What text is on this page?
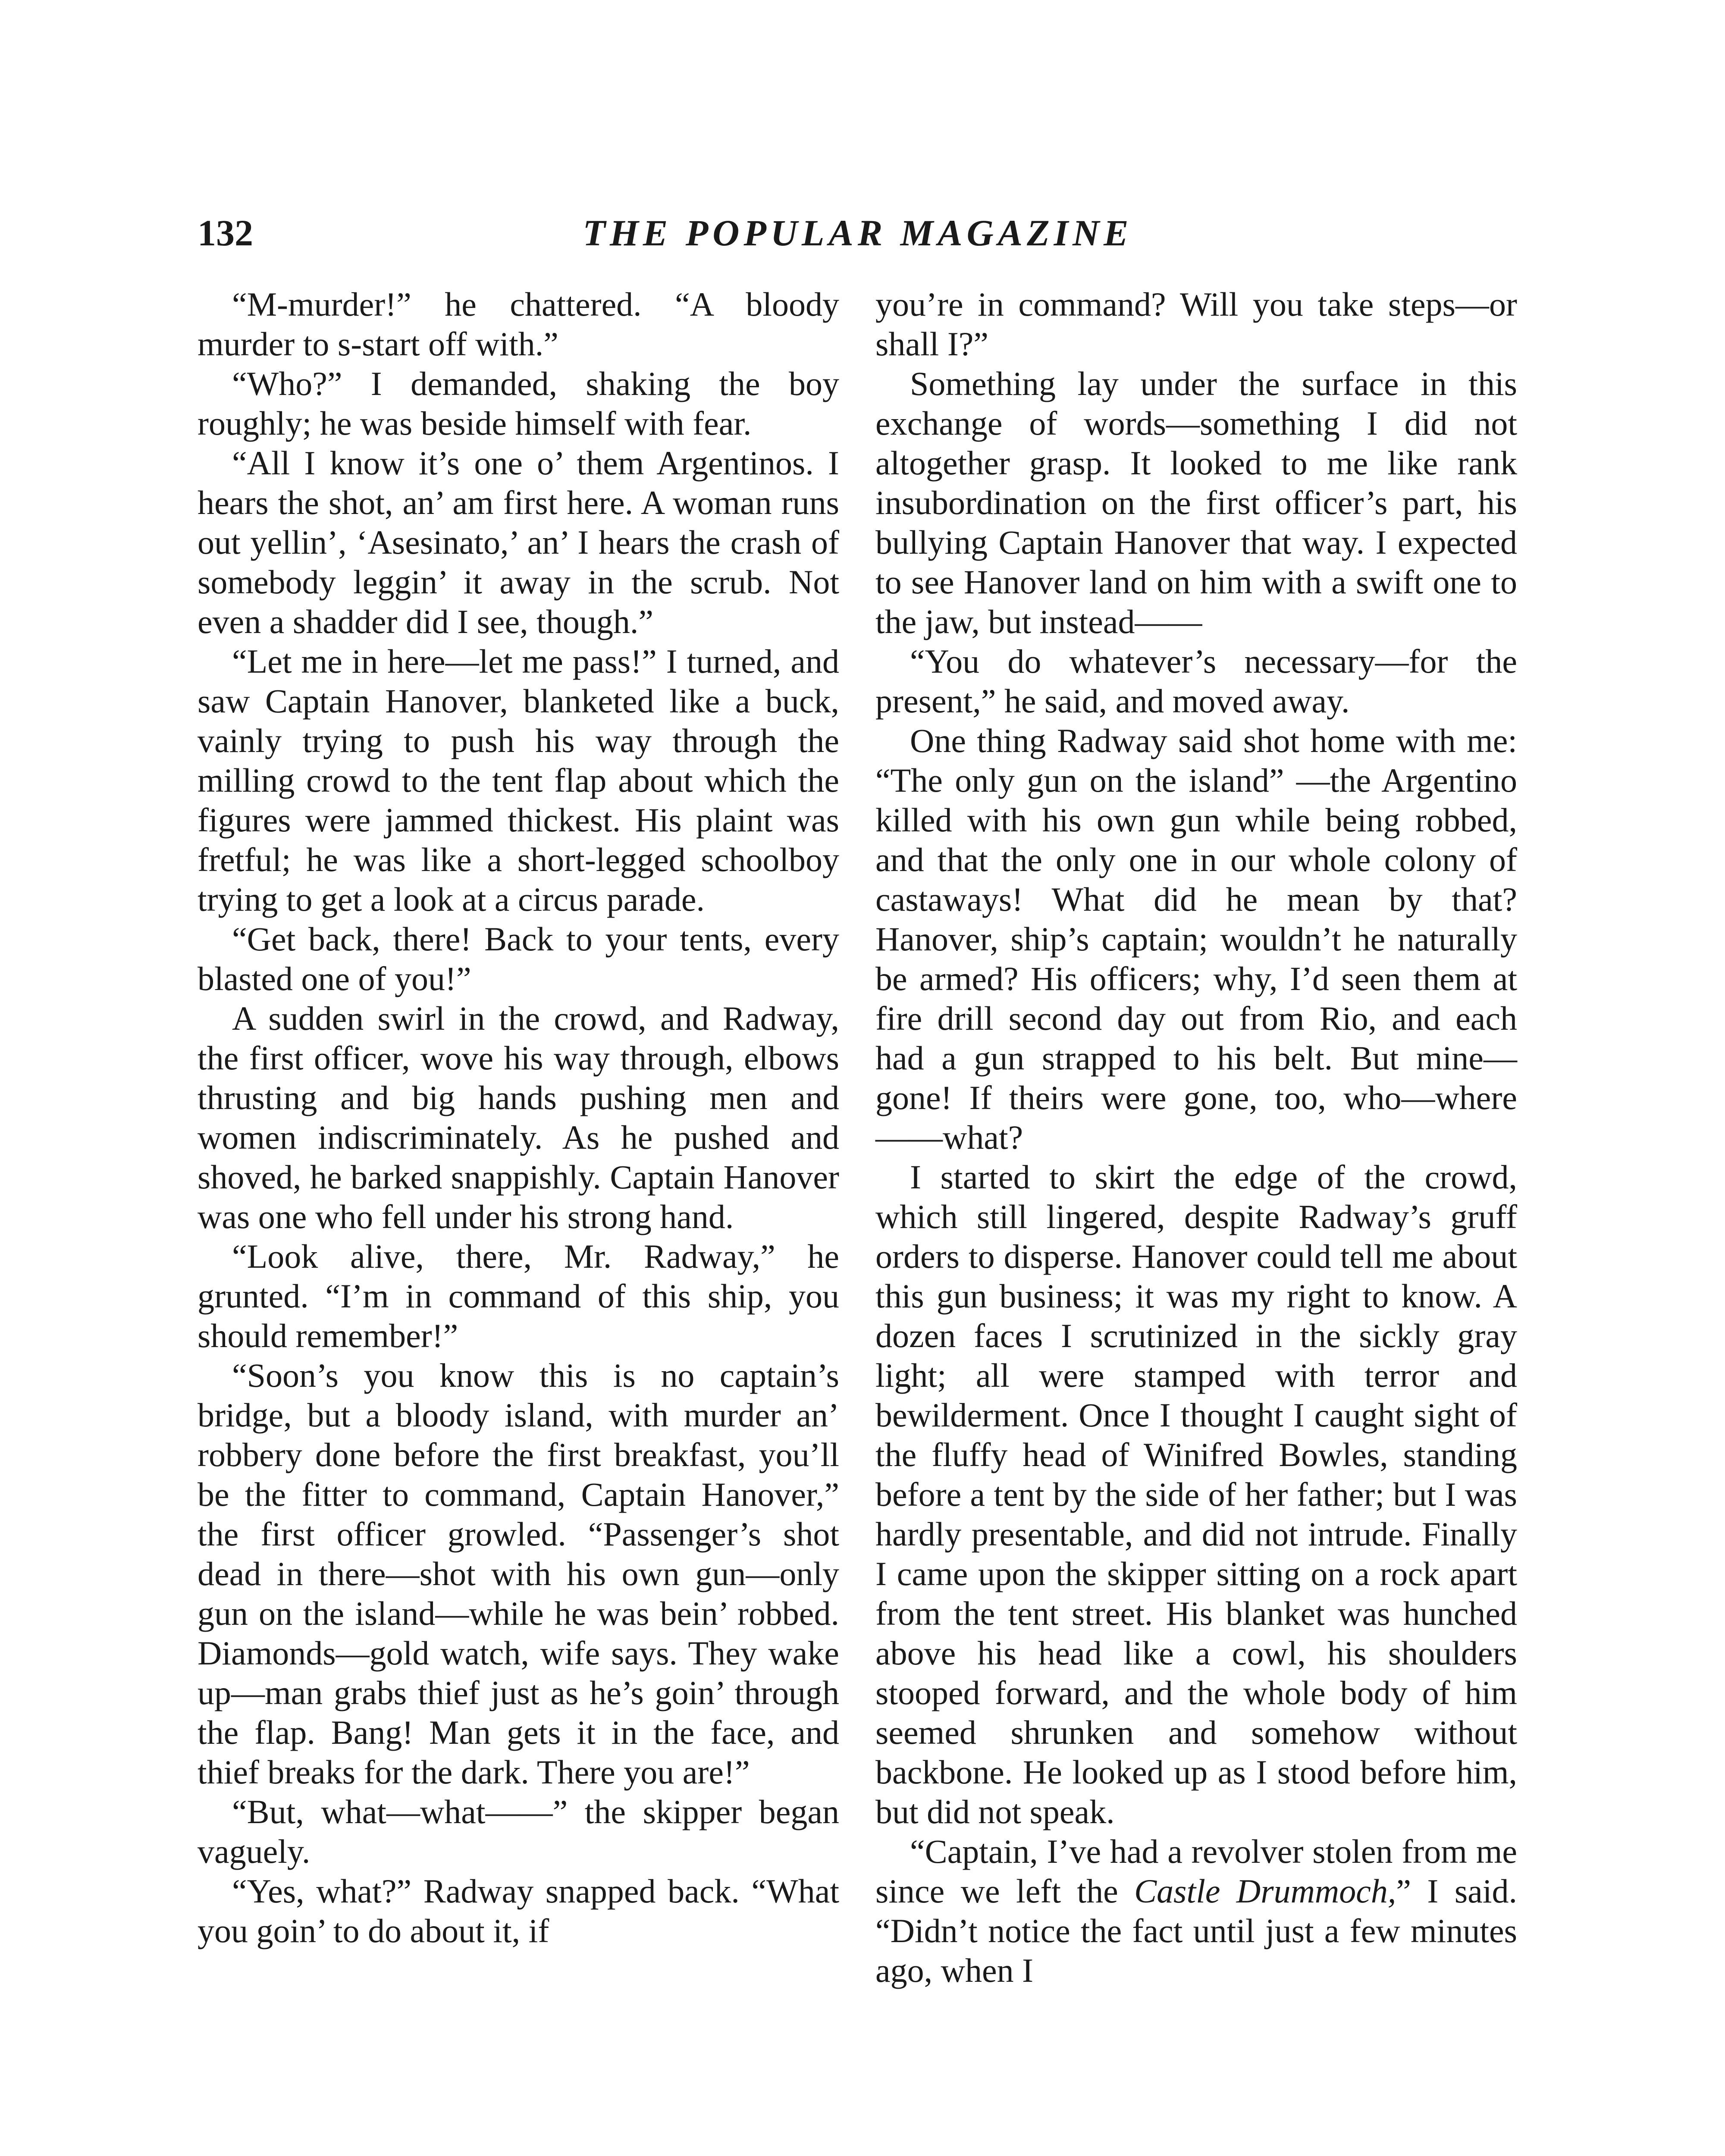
132	THE POPULAR MAGAZINE

“M-murder!” he chattered. “A bloody murder to s-start off with.”

“Who?” I demanded, shaking the boy roughly; he was beside himself with fear.

“All I know it’s one o’ them Argentinos. I hears the shot, an’ am first here. A woman runs out yellin’, ‘Asesinato,’ an’ I hears the crash of somebody leggin’ it away in the scrub. Not even a shadder did I see, though.”

“Let me in here—let me pass!” I turned, and saw Captain Hanover, blanketed like a buck, vainly trying to push his way through the milling crowd to the tent flap about which the figures were jammed thickest. His plaint was fretful; he was like a short-legged schoolboy trying to get a look at a circus parade.

“Get back, there! Back to your tents, every blasted one of you!”

A sudden swirl in the crowd, and Radway, the first officer, wove his way through, elbows thrusting and big hands pushing men and women indiscriminately. As he pushed and shoved, he barked snappishly. Captain Hanover was one who fell under his strong hand.

“Look alive, there, Mr. Radway,” he grunted. “I’m in command of this ship, you should remember!”

“Soon’s you know this is no captain’s bridge, but a bloody island, with murder an’ robbery done before the first breakfast, you’ll be the fitter to command, Captain Hanover,” the first officer growled. “Passenger’s shot dead in there—shot with his own gun—only gun on the island—while he was bein’ robbed. Diamonds—gold watch, wife says. They wake up—man grabs thief just as he’s goin’ through the flap. Bang! Man gets it in the face, and thief breaks for the dark. There you are!”

“But, what—what——” the skipper began vaguely.

“Yes, what?” Radway snapped back. “What you goin’ to do about it, if

you’re in command? Will you take steps—or shall I?”

Something lay under the surface in this exchange of words—something I did not altogether grasp. It looked to me like rank insubordination on the first officer’s part, his bullying Captain Hanover that way. I expected to see Hanover land on him with a swift one to the jaw, but instead——

“You do whatever’s necessary—for the present,” he said, and moved away.

One thing Radway said shot home with me: “The only gun on the island” —the Argentino killed with his own gun while being robbed, and that the only one in our whole colony of castaways! What did he mean by that? Hanover, ship’s captain; wouldn’t he naturally be armed? His officers; why, I’d seen them at fire drill second day out from Rio, and each had a gun strapped to his belt. But mine—gone! If theirs were gone, too, who—where ——what?

I started to skirt the edge of the crowd, which still lingered, despite Radway’s gruff orders to disperse. Hanover could tell me about this gun business; it was my right to know. A dozen faces I scrutinized in the sickly gray light; all were stamped with terror and bewilderment. Once I thought I caught sight of the fluffy head of Winifred Bowles, standing before a tent by the side of her father; but I was hardly presentable, and did not intrude. Finally I came upon the skipper sitting on a rock apart from the tent street. His blanket was hunched above his head like a cowl, his shoulders stooped forward, and the whole body of him seemed shrunken and somehow without backbone. He looked up as I stood before him, but did not speak.

“Captain, I’ve had a revolver stolen from me since we left the Castle Drummoch,” I said. “Didn’t notice the fact until just a few minutes ago, when I
